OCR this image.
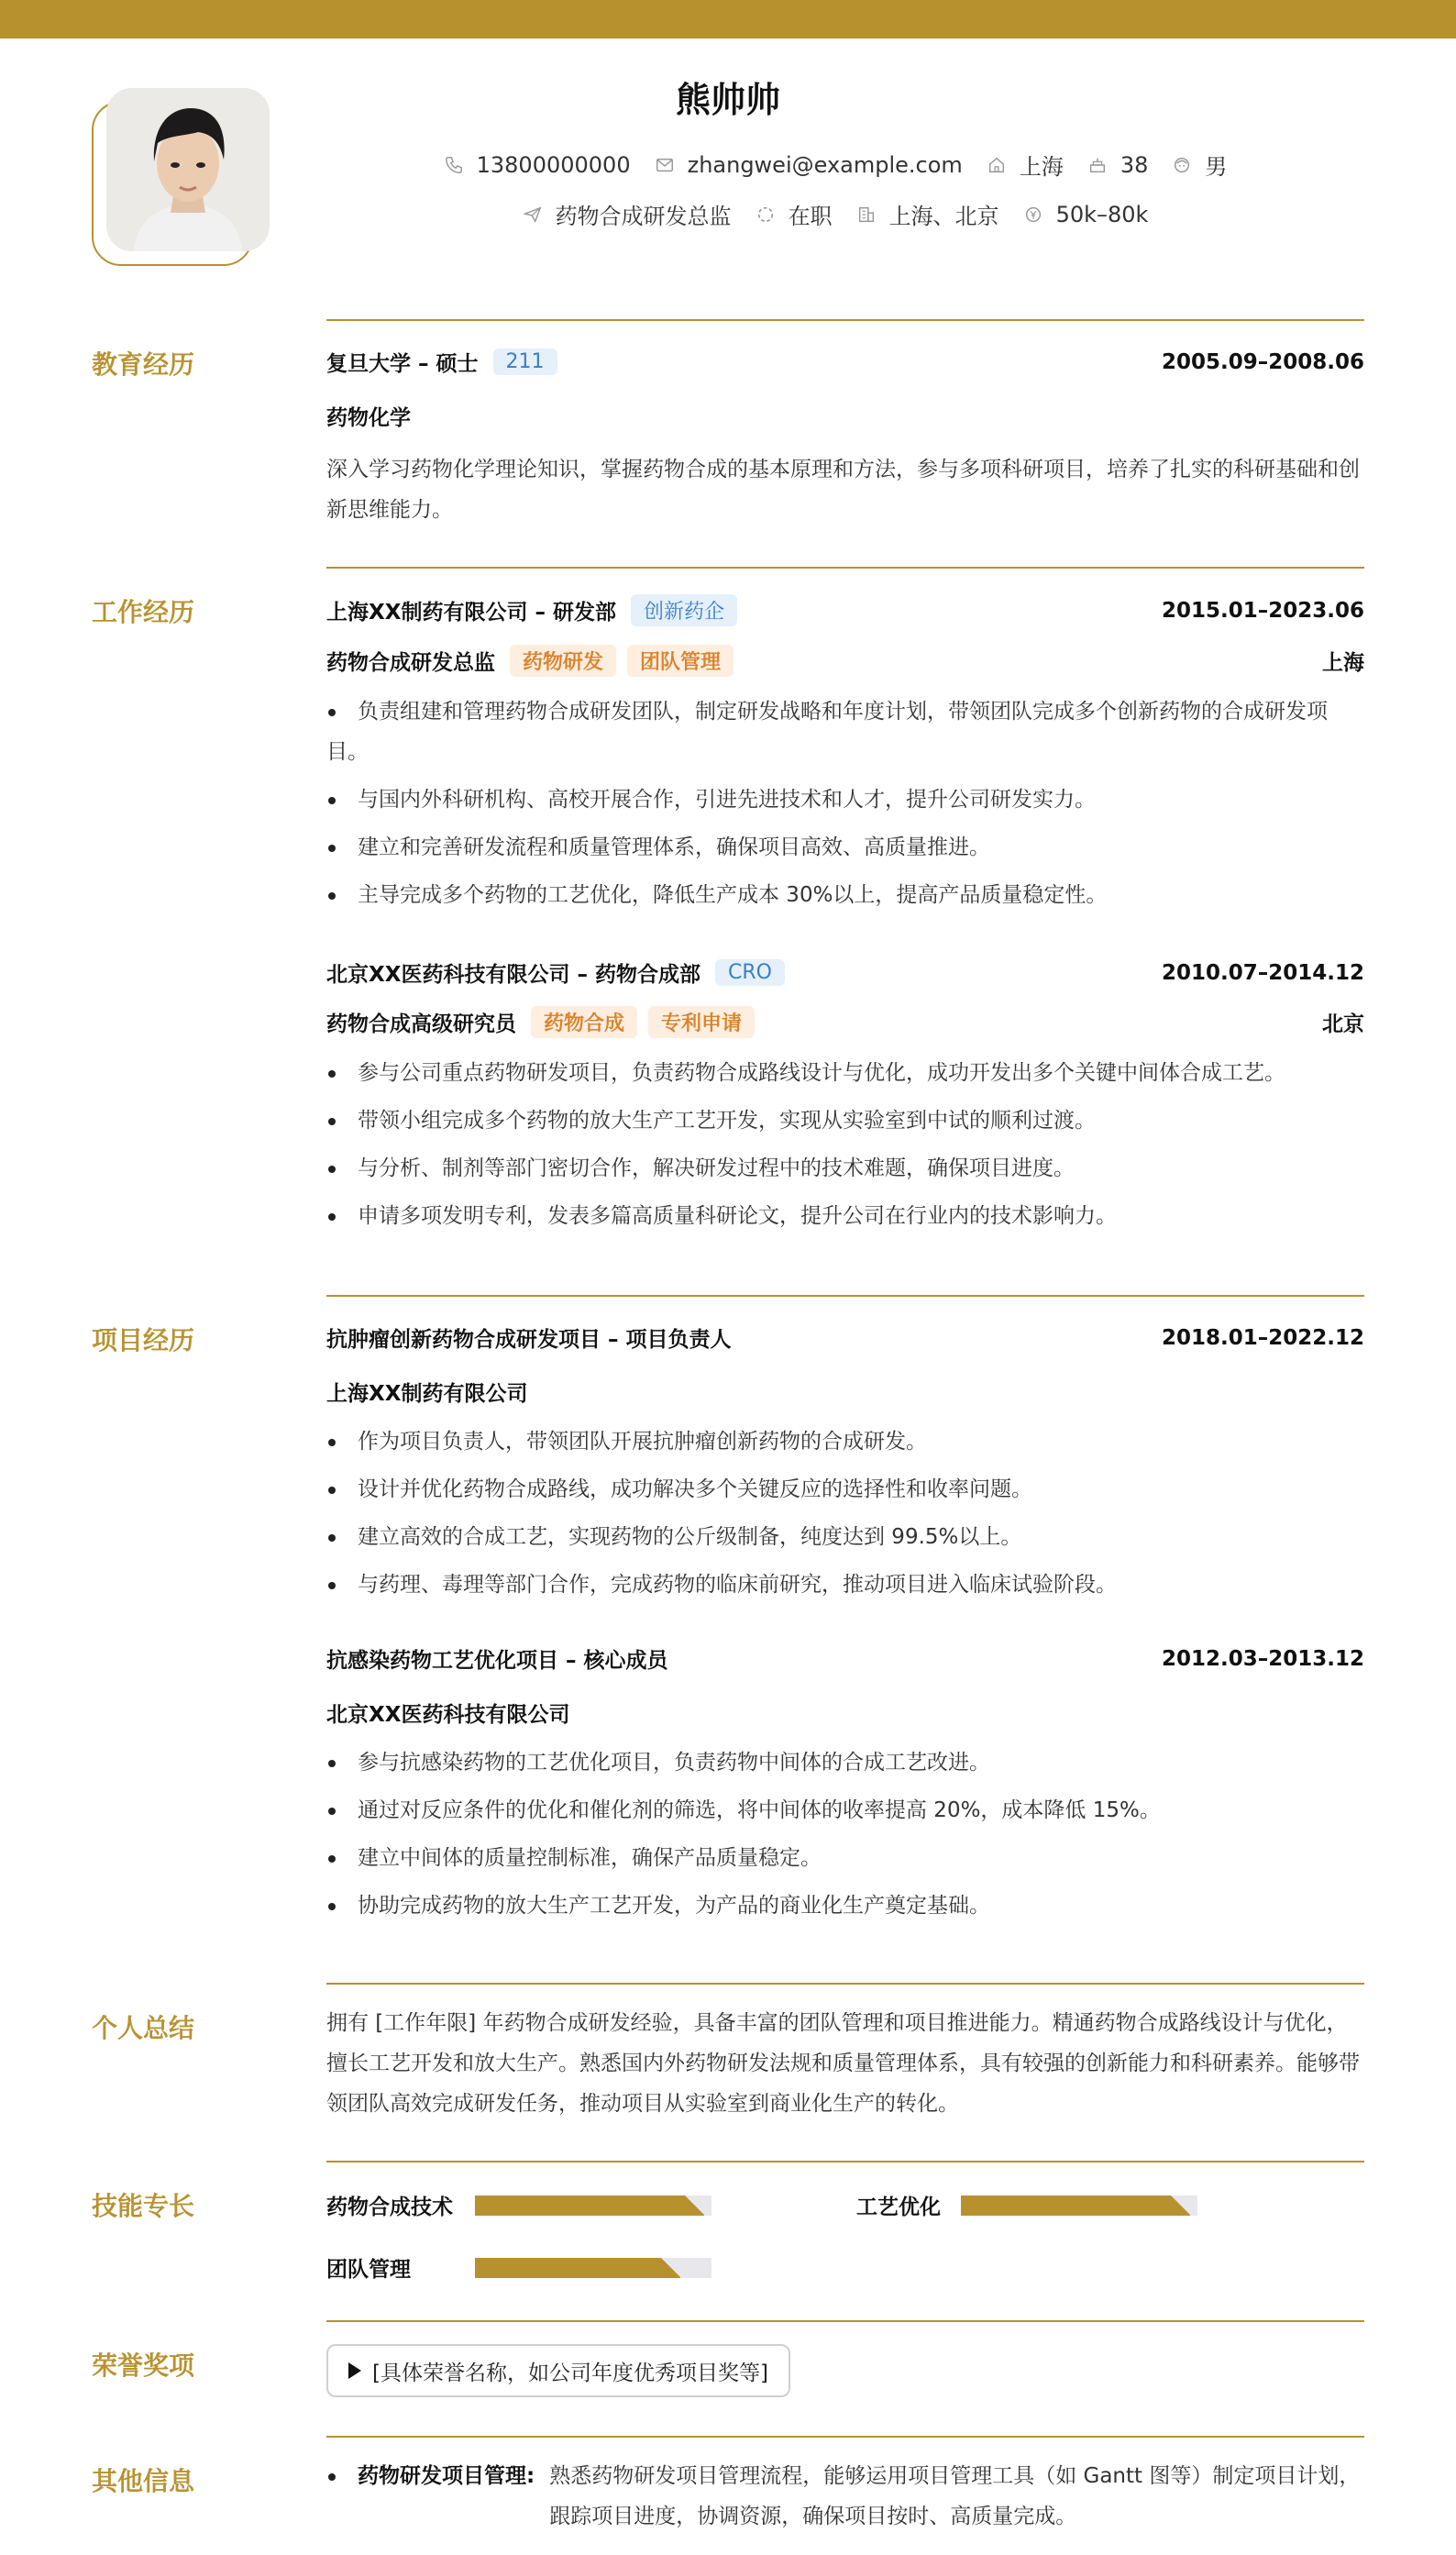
熊帅帅
13800000000	zhangwei@example.com	上海	38	男
药物合成研发总监	在职	上海、北京	50k–80k
教育经历	复旦大学 – 硕士	211	2005.09–2008.06
药物化学
深入学习药物化学理论知识，掌握药物合成的基本原理和方法，参与多项科研项目，培养了扎实的科研基础和创新思维能力。
工作经历	上海XX制药有限公司 – 研发部	创新药企	2015.01–2023.06
药物合成研发总监	药物研发	团队管理	上海
负责组建和管理药物合成研发团队，制定研发战略和年度计划，带领团队完成多个创新药物的合成研发项目。
与国内外科研机构、高校开展合作，引进先进技术和人才，提升公司研发实力。
建立和完善研发流程和质量管理体系，确保项目高效、高质量推进。
主导完成多个药物的工艺优化，降低生产成本 30%以上，提高产品质量稳定性。
北京XX医药科技有限公司 – 药物合成部	CRO	2010.07–2014.12
药物合成高级研究员	药物合成	专利申请	北京
参与公司重点药物研发项目，负责药物合成路线设计与优化，成功开发出多个关键中间体合成工艺。
带领小组完成多个药物的放大生产工艺开发，实现从实验室到中试的顺利过渡。
与分析、制剂等部门密切合作，解决研发过程中的技术难题，确保项目进度。
申请多项发明专利，发表多篇高质量科研论文，提升公司在行业内的技术影响力。
项目经历	抗肿瘤创新药物合成研发项目 – 项目负责人	2018.01–2022.12
上海XX制药有限公司
作为项目负责人，带领团队开展抗肿瘤创新药物的合成研发。
设计并优化药物合成路线，成功解决多个关键反应的选择性和收率问题。
建立高效的合成工艺，实现药物的公斤级制备，纯度达到 99.5%以上。
与药理、毒理等部门合作，完成药物的临床前研究，推动项目进入临床试验阶段。
抗感染药物工艺优化项目 – 核心成员	2012.03–2013.12
北京XX医药科技有限公司
参与抗感染药物的工艺优化项目，负责药物中间体的合成工艺改进。
通过对反应条件的优化和催化剂的筛选，将中间体的收率提高 20%，成本降低 15%。
建立中间体的质量控制标准，确保产品质量稳定。
协助完成药物的放大生产工艺开发，为产品的商业化生产奠定基础。
个人总结	拥有 [工作年限] 年药物合成研发经验，具备丰富的团队管理和项目推进能力。精通药物合成路线设计与优化，擅长工艺开发和放大生产。熟悉国内外药物研发法规和质量管理体系，具有较强的创新能力和科研素养。能够带领团队高效完成研发任务，推动项目从实验室到商业化生产的转化。
技能专长	药物合成技术	工艺优化
团队管理
荣誉奖项	[具体荣誉名称，如公司年度优秀项目奖等]
其他信息	药物研发项目管理: 熟悉药物研发项目管理流程，能够运用项目管理工具（如 Gantt 图等）制定项目计划，跟踪项目进度，协调资源，确保项目按时、高质量完成。
